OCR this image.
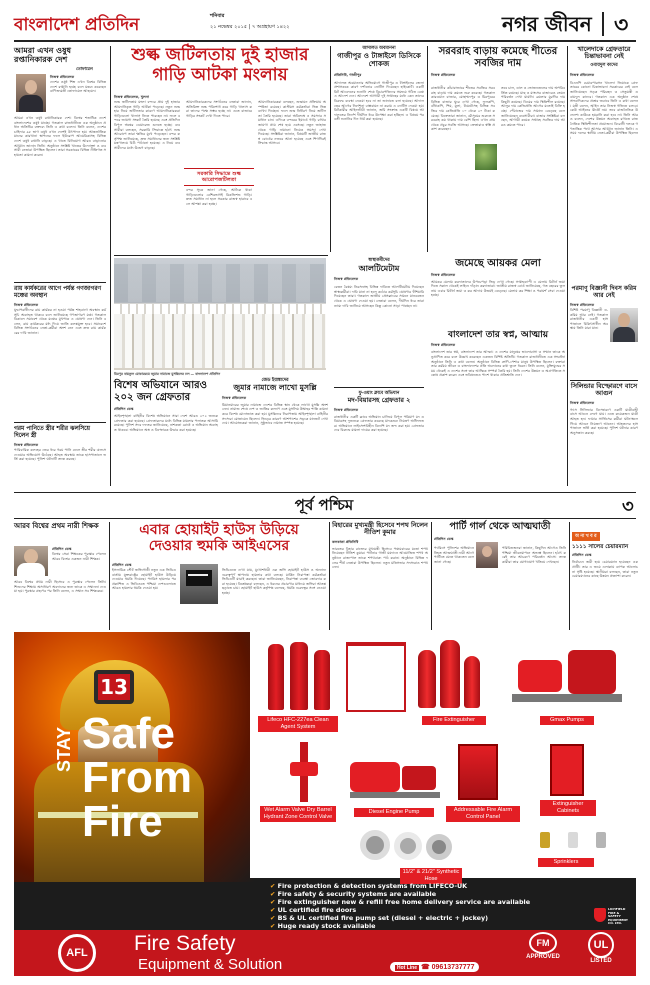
বাংলাদেশ প্রতিদিন	শনিবার
২১ নভেম্বর ২০১৫ | ৭ অগ্রহায়ণ ১৪২২	নগর জীবন ৩
আমরা এখন ওষুধ রপ্তানিকারক দেশ
তোফায়েল
নিজস্ব প্রতিবেদক
দেশের ওষুধ শিল্প এখন বিশ্বের বিভিন্ন দেশে রপ্তানি হচ্ছে বলে মন্তব্য করেছেন বাণিজ্যমন্ত্রী তোফায়েল আহমেদ।
আমরা এখন ওষুধ রপ্তানিকারক দেশ। বিশ্বের শতাধিক দেশে বাংলাদেশের ওষুধ যাচ্ছে। গতকাল রাজধানীতে এক অনুষ্ঠানে প্রধান অতিথির বক্তব্যে তিনি এ কথা বলেন। তিনি বলেন, দেশের চাহিদার ৯৮ ভাগ ওষুধ এখন দেশেই উৎপাদন হয়। আন্তর্জাতিক মানের কারখানা স্থাপনের ফলে ইউরোপ আমেরিকাসহ বিভিন্ন দেশে ওষুধ রপ্তানি বাড়ছে। এ খাতে বিনিয়োগ আরও বাড়ানোর আহ্বান জানান তিনি। অনুষ্ঠানে সংশ্লিষ্ট খাতের উদ্যোক্তা ও ব্যবসায়ী নেতারা উপস্থিত ছিলেন। তারা সরকারের বিভিন্ন নীতিগত সহায়তা কামনা করেন।
রায় কার্যকরের আগে পর্যন্ত গণজাগরণ মঞ্চের অবস্থান
নিজস্ব প্রতিবেদক
যুদ্ধাপরাধীদের রায় কার্যকর না হওয়া পর্যন্ত শাহবাগে অবস্থান কর্মসূচি অব্যাহত থাকবে বলে জানিয়েছে গণজাগরণ মঞ্চ। গতকাল বিকালে সমাবেশ থেকে মঞ্চের মুখপাত্র এ ঘোষণা দেন। তিনি বলেন, রায় কার্যকরের মধ্য দিয়ে জাতি কলঙ্কমুক্ত হবে। সমাবেশে বিভিন্ন সংগঠনের নেতা-কর্মীরা অংশ নেন এবং দ্রুত রায় কার্যকরের দাবি জানান।
গরম পানিতে স্ত্রীর শরীর ঝলসিয়ে দিলেন স্ত্রী
নিজস্ব প্রতিবেদক
পারিবারিক কলহের জের ধরে গরম পানি ঢেলে স্ত্রীর শরীর ঝলসে দেওয়ার অভিযোগ উঠেছে। আহত অবস্থায় তাকে হাসপাতালে ভর্তি করা হয়েছে। পুলিশ ঘটনাটি তদন্ত করছে।
শুল্ক জটিলতায় দুই হাজার
গাড়ি আটকা মংলায়
নিজস্ব প্রতিবেদক, খুলনা
শুল্ক জটিলতায় মংলা বন্দরে প্রায় দুই হাজার আমদানিকৃত গাড়ি আটকা পড়েছে। নতুন শুল্কহার নিয়ে জটিলতার কারণে আমদানিকারকরা গাড়িগুলো খালাস নিতে পারছেন না। ফলে বন্দরে জায়গা সংকট তৈরি হয়েছে এবং প্রতিদিন বিপুল অঙ্কের ডেমারেজ গুনতে হচ্ছে। ব্যবসায়ীরা বলছেন, সরকারি সিদ্ধান্তে হঠাৎ শুল্ক আরোপে তারা ক্ষতির মুখে পড়েছেন। বন্দর কর্তৃপক্ষ জানিয়েছে, দ্রুত সমাধানের জন্য সংশ্লিষ্ট মন্ত্রণালয়ে চিঠি পাঠানো হয়েছে। এ নিয়ে ব্যবসায়ীদের মধ্যে উদ্বেগ বাড়ছে।
আমদানিকারকদের সংগঠনের নেতারা জানান, অতিরিক্ত শুল্ক পরিশোধ করে গাড়ি খালাস করা তাদের পক্ষে সম্ভব হচ্ছে না। এতে বাজারে গাড়ির সংকট দেখা দিতে পারে।
সরকারি সিদ্ধান্তে শুল্ক আরোপজটিলতা
বন্দর সূত্রে জানা গেছে, আটকে থাকা গাড়িগুলোর বেশিরভাগই রিকন্ডিশন্ড গাড়ি। দ্রুত সমাধান না হলে সরকার রাজস্ব হারাবে বলে আশঙ্কা করা হচ্ছে।
আমদানিকারকরা বলছেন, শুল্কায়ন প্রক্রিয়ায় অস্পষ্টতা রয়েছে। কাস্টমস কর্মকর্তারা ভিন্ন ভিন্ন ব্যাখ্যা দিচ্ছেন। ফলে শুল্ক নির্ধারণ নিয়ে জটিলতা তৈরি হয়েছে। তারা অবিলম্বে এ সমস্যার সমাধান চান। এদিকে বন্দরের ইয়ার্ডে গাড়ি রাখার জায়গা প্রায় শেষ হয়ে এসেছে। নতুন জাহাজ থেকে গাড়ি নামানো নিয়েও সমস্যা দেখা দিয়েছে। সংশ্লিষ্টরা জানান, বিষয়টি জাতীয় রাজস্ব বোর্ডের নজরে আনা হয়েছে এবং শিগগিরই সিদ্ধান্ত আসবে।
আদালত অবমাননা
গাজীপুর ও টাঙ্গাইলে ডিসিকে শোকজ
প্রতিনিধি, গাজীপুর
আদালত অবমাননার অভিযোগে গাজীপুর ও টাঙ্গাইলের জেলা প্রশাসককে কারণ দর্শানোর নোটিস দিয়েছেন হাইকোর্ট। একটি রিট আবেদনের শুনানি শেষে বিচারপতিদের সমন্বয়ে গঠিত বেঞ্চ এ আদেশ দেন। আদেশে আগামী দুই সপ্তাহের মধ্যে কেন তাদের বিরুদ্ধে ব্যবস্থা নেওয়া হবে না তা জানাতে বলা হয়েছে। আদালতের আগের নির্দেশনা বাস্তবায়ন না করায় এ নোটিস দেওয়া হয়। রিটকারীর আইনজীবী জানান, জমি সংক্রান্ত একটি বিষয়ে আদালতের নির্দেশ দীর্ঘদিন ধরে উপেক্ষা করা হচ্ছিল। এ বিষয়ে পরবর্তী শুনানির দিন ধার্য করা হয়েছে।
সরবরাহ বাড়ায় কমেছে শীতের সবজির দাম
নিজস্ব প্রতিবেদক
রাজধানীর কাঁচাবাজারে শীতের সবজির সরবরাহ বাড়ায় দাম কমতে শুরু করেছে। গতকাল কারওয়ান বাজার, মোহাম্মদপুর ও মিরপুরের বিভিন্ন বাজার ঘুরে দেখা গেছে, ফুলকপি, বাঁধাকপি, শিম, মুলা, টমেটোসহ বিভিন্ন সবজির দাম কেজিপ্রতি ১০ থেকে ২০ টাকা কমেছে। বিক্রেতারা জানান, মৌসুমের শুরুতে সরবরাহ কম থাকায় দাম বেশি ছিল। এখন গ্রাম থেকে প্রচুর সবজি আসছে। ক্রেতারাও স্বস্তি প্রকাশ করেছেন।
তবে চাল, ডাল ও ভোজ্যতেলের দাম অপরিবর্তিত রয়েছে। মাছ ও মাংসের বাজারেও তেমন পরিবর্তন দেখা যায়নি। ব্রয়লার মুরগির দাম কিছুটা কমেছে। ডিমের দাম স্থিতিশীল রয়েছে। আলুর দাম কেজিপ্রতি আগের মতোই বিক্রি হচ্ছে। পেঁয়াজের দাম সামান্য বেড়েছে বলে জানিয়েছেন ব্যবসায়ীরা। বাজার সংশ্লিষ্টরা বলছেন, আগামী কয়েক সপ্তাহে সবজির দাম আরও কমতে পারে।
খালেদাকে গ্রেফতারে চিন্তাভাবনা নেই
ওবায়দুল কাদের
নিজস্ব প্রতিবেদক
বিএনপি চেয়ারপারসন খালেদা জিয়াকে গ্রেফতারের কোনো চিন্তাভাবনা সরকারের নেই বলে জানিয়েছেন সড়ক পরিবহন ও সেতুমন্ত্রী ওবায়দুল কাদের। গতকাল এক অনুষ্ঠান শেষে সাংবাদিকদের প্রশ্নের জবাবে তিনি এ কথা বলেন। মন্ত্রী বলেন, আইন তার নিজস্ব গতিতে চলবে। কেউ আইনের ঊর্ধ্বে নয়। তবে রাজনৈতিক উদ্দেশ্যে কাউকে হয়রানি করা হবে না। তিনি আরও বলেন, দেশের উন্নয়ন অব্যাহত রাখতে রাজনৈতিক স্থিতিশীলতা প্রয়োজন। বিরোধী দলকে গণতান্ত্রিক পথে আসার আহ্বান জানান তিনি। এ সময় দলের স্থানীয় নেতা-কর্মীরা উপস্থিত ছিলেন।
মিরপুর বায়তুল মোকাররমে জুমার নামাজে মুসল্লিদের ঢল — বাংলাদেশ প্রতিদিন
জেড ইয়াঙ্কাদের
জুমার নামাজে লাখো মুসল্লি
নিজস্ব প্রতিবেদক
মিয়ানমারের জুমার নামাজে দেশের বিভিন্ন স্থান থেকে লাখো মুসল্লি অংশ নেন। নামাজ শেষে দেশ ও জাতির কল্যাণ এবং মুসলিম উম্মাহর শান্তি কামনা করে বিশেষ মোনাজাত করা হয়। মুসল্লিদের নিরাপত্তায় আইনশৃঙ্খলা বাহিনীর সদস্যরা মোতায়েন ছিলেন। ভিড়ের কারণে আশপাশের সড়কে যানজট দেখা দেয়। আয়োজকরা জানান, সুষ্ঠুভাবে নামাজ সম্পন্ন হয়েছে।
স্বাস্থ্যকর্মীদের
আলটিমেটাম
নিজস্ব প্রতিবেদক
বেতন বৈষম্য নিরসনসহ বিভিন্ন দাবিতে আলটিমেটাম দিয়েছেন স্বাস্থ্যকর্মীরা। দাবি মানা না হলে কঠোর কর্মসূচি ঘোষণার হুঁশিয়ারি দিয়েছেন তারা। গতকাল জাতীয় প্রেসক্লাবের সামনে মানববন্ধন থেকে এ ঘোষণা দেওয়া হয়। নেতারা বলেন, দীর্ঘদিন ধরে তারা ন্যায্য দাবি জানিয়ে আসছেন কিন্তু কোনো সাড়া পাচ্ছেন না।
ফু-ওয়াং ক্লাবে অভিযান
মদ-বিয়ারসহ গ্রেফতার ২
নিজস্ব প্রতিবেদক
রাজধানীর একটি ক্লাবে অভিযান চালিয়ে বিপুল পরিমাণ মদ ও বিয়ারসহ দুজনকে গ্রেফতার করেছে মাদকদ্রব্য নিয়ন্ত্রণ অধিদফতর। অভিযানে লাইসেন্সবিহীন বিদেশি মদ জব্দ করা হয়। গ্রেফতারদের বিরুদ্ধে মামলা দায়ের করা হয়েছে।
জমেছে আয়কর মেলা
নিজস্ব প্রতিবেদক
আয়কর মেলায় করদাতাদের উপচেপড়া ভিড় দেখা গেছে। সপ্তাহব্যাপী এ মেলায় রিটার্ন জমা দিতে সকাল থেকেই লাইনে দাঁড়ান করদাতারা। জাতীয় রাজস্ব বোর্ড জানিয়েছে, গত বছরের তুলনায় এবার রিটার্ন জমা ও কর আদায় উভয়ই বেড়েছে। মেলায় কর শিক্ষা ও পরামর্শ সেবা দেওয়া হচ্ছে।
বাংলাদেশ তার স্বপ্ন, আত্মায়
নিজস্ব প্রতিবেদক
বাংলাদেশ তার স্বপ্ন, বাংলাদেশ তার আত্মা। এ দেশের মানুষের ভালোবাসা ও সম্মান তাকে অনুপ্রাণিত করে বলে উল্লেখ করেছেন একজন বিশিষ্ট অতিথি। গতকাল রাজধানীতে এক সংবর্ধনা অনুষ্ঠানে তিনি এ কথা বলেন। অনুষ্ঠানে বিভিন্ন শ্রেণি-পেশার মানুষ উপস্থিত ছিলেন। বক্তারা তার কর্মময় জীবন ও বাংলাদেশের প্রতি অবদানের কথা তুলে ধরেন। তিনি বলেন, মুক্তিযুদ্ধের সময় থেকেই এ দেশের সঙ্গে তার আত্মিক সম্পর্ক তৈরি হয়। তিনি দেশের উন্নয়ন ও অগ্রগতিতে সন্তোষ প্রকাশ করেন এবং ভবিষ্যতেও পাশে থাকার প্রতিশ্রুতি দেন।
পরমাণু বিজ্ঞানী দিবস করিম আর নেই
নিজস্ব প্রতিবেদক
বিশিষ্ট পরমাণু বিজ্ঞানী ড. করিম আর নেই। গতকাল রাজধানীর একটি হাসপাতালে চিকিৎসাধীন অবস্থায় তিনি মারা যান।
সিলিন্ডার বিস্ফোরণে বাসে আগুন
নিজস্ব প্রতিবেদক
গ্যাস সিলিন্ডার বিস্ফোরণে একটি যাত্রীবাহী বাসে আগুন লেগে যায়। এতে কয়েকজন যাত্রী আহত হন। ফায়ার সার্ভিসের কর্মীরা ঘটনাস্থলে গিয়ে আগুন নিয়ন্ত্রণে আনেন। আহতদের হাসপাতালে ভর্তি করা হয়েছে। পুলিশ ঘটনার কারণ অনুসন্ধান করছে।
বিশেষ অভিযানে আরও
২০২ জন গ্রেফতার
প্রতিদিন ডেস্ক
আইনশৃঙ্খলা বাহিনীর বিশেষ অভিযানে সারা দেশে আরও ২০২ জনকে গ্রেফতার করা হয়েছে। গ্রেফতারদের মধ্যে বিভিন্ন মামলার পলাতক আসামি রয়েছে। পুলিশ সদর দফতর জানিয়েছে, নাশকতা রোধে এ অভিযান অব্যাহত থাকবে। অভিযানে অস্ত্র ও বিস্ফোরক উদ্ধার করা হয়েছে।
পূর্ব পশ্চিম	৩
আরব বিশ্বের প্রথম নারী শিক্ষক
প্রতিদিন ডেস্ক
বিশ্বের সেরা শিক্ষকের পুরস্কার পেলেন আরব বিশ্বের একজন নারী শিক্ষক।
আরব বিশ্বের প্রথম নারী হিসেবে এ পুরস্কার পেলেন তিনি। শিশুদের শিক্ষায় অসাধারণ অবদানের জন্য তাকে এ সম্মাননা দেওয়া হয়। পুরস্কার গ্রহণের পর তিনি বলেন, এ সম্মান সব শিক্ষকের।
এবার হোয়াইট হাউস উড়িয়ে
দেওয়ার হুমকি আইএসের
প্রতিদিন ডেস্ক
ইসলামিক স্টেট জঙ্গিগোষ্ঠী নতুন এক ভিডিও বার্তায় যুক্তরাষ্ট্রের হোয়াইট হাউস উড়িয়ে দেওয়ার হুমকি দিয়েছে। প্যারিস হামলার পর প্রকাশিত এ ভিডিওতে পশ্চিমা দেশগুলোতে আরও হামলার হুমকি দেওয়া হয়।
ভিডিওতে দেখা যায়, মুখোশধারী এক জঙ্গি হোয়াইট হাউস ও অন্যান্য গুরুত্বপূর্ণ স্থাপনায় হামলার কথা বলছে। মার্কিন নিরাপত্তা কর্মকর্তারা ভিডিওটি যাচাই করছেন। তারা জানিয়েছেন, নিরাপত্তা ব্যবস্থা জোরদার করা হয়েছে। বিশ্লেষকরা বলছেন, এ ধরনের প্রচারণার মাধ্যমে জঙ্গিরা আতঙ্ক ছড়াতে চায়। হোয়াইট হাউস কর্তৃপক্ষ বলেছে, হুমকি গুরুত্বের সঙ্গে নেওয়া হচ্ছে।
বিহারের মুখ্যমন্ত্রী হিসেবে শপথ নিলেন নীতিশ কুমার
কলকাতা প্রতিনিধি
ভারতের বিহার রাজ্যের মুখ্যমন্ত্রী হিসেবে পঞ্চমবারের মতো শপথ নিয়েছেন নীতিশ কুমার। পাটনার গান্ধী ময়দানে আয়োজিত শপথ অনুষ্ঠানে রাজ্যপাল তাকে শপথবাক্য পাঠ করান। অনুষ্ঠানে বিভিন্ন দলের শীর্ষ নেতারা উপস্থিত ছিলেন। নতুন মন্ত্রিসভার সদস্যরাও শপথ নেন।
পার্টি গার্ল থেকে আত্মঘাতী
প্রতিদিন ডেস্ক
প্যারিসে পুলিশের অভিযানে নিহত আত্মঘাতী নারী আগে পার্টিতে মেতে থাকতেন বলে জানা গেছে।
পরিচিতজনরা জানান, কিছুদিন আগেও তিনি পশ্চিমা জীবনযাপনে অভ্যস্ত ছিলেন। হঠাৎ করেই তার আচরণে পরিবর্তন আসে। তদন্তকারীরা তার যোগাযোগ খতিয়ে দেখছেন।
অ ন্য খ ব র
১১১১ সালের চেয়ারম্যান
প্রতিদিন ডেস্ক
নির্বাচনে জয়ী হয়ে চেয়ারম্যান হয়েছেন এক প্রার্থী। তার এ জয়ে এলাকায় ব্যাপক আলোচনা সৃষ্টি হয়েছে। স্থানীয়রা বলছেন, তারা নতুন চেয়ারম্যানের কাছে উন্নয়ন প্রত্যাশা করেন।
13
STAY Safe
From
Fire
Lifeco HFC-227ea Clean Agent System
Fire Extinguisher	Gmax Pumps
Wet Alarm Valve Dry Barrel Hydrant Zone Control Valve
Diesel Engine Pump	Addressable Fire Alarm Control Panel
Extinguisher Cabinets
11/2" & 21/2" Synthetic Hose
Sprinklers
✔ Fire protection & detection systems from LIFECO-UK
✔ Fire safety & security systems are available
✔ Fire extinguisher new & refill free home delivery service are available
✔ UL certified fire doors
✔ BS & UL certified fire pump set (diesel + electric + jockey)
✔ Huge ready stock available
✔
LICHFIELD FIRE & SAFETY EQUIPMENT CO. LTD.
AFL	Fire Safety
Equipment & Solution
আর এফ এল
Hot Line ☎ 09613737777
FM
APPROVED
UL
LISTED
